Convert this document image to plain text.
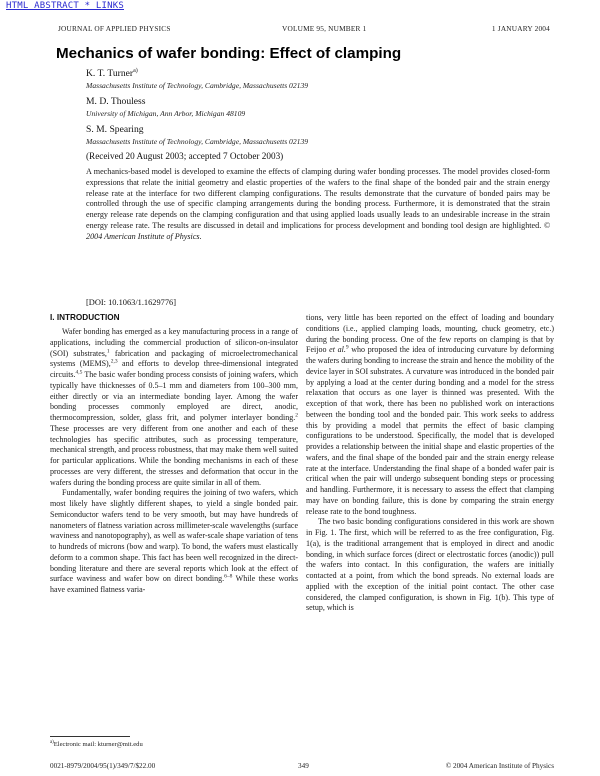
HTML ABSTRACT * LINKS
JOURNAL OF APPLIED PHYSICS	VOLUME 95, NUMBER 1	1 JANUARY 2004
Mechanics of wafer bonding: Effect of clamping
K. T. Turner$^{a)}$
Massachusetts Institute of Technology, Cambridge, Massachusetts 02139
M. D. Thouless
University of Michigan, Ann Arbor, Michigan 48109
S. M. Spearing
Massachusetts Institute of Technology, Cambridge, Massachusetts 02139
(Received 20 August 2003; accepted 7 October 2003)
A mechanics-based model is developed to examine the effects of clamping during wafer bonding processes. The model provides closed-form expressions that relate the initial geometry and elastic properties of the wafers to the final shape of the bonded pair and the strain energy release rate at the interface for two different clamping configurations. The results demonstrate that the curvature of bonded pairs may be controlled through the use of specific clamping arrangements during the bonding process. Furthermore, it is demonstrated that the strain energy release rate depends on the clamping configuration and that using applied loads usually leads to an undesirable increase in the strain energy release rate. The results are discussed in detail and implications for process development and bonding tool design are highlighted. © 2004 American Institute of Physics.
[DOI: 10.1063/1.1629776]
I. INTRODUCTION

Wafer bonding has emerged as a key manufacturing process in a range of applications, including the commercial production of silicon-on-insulator (SOI) substrates,$^1$ fabrication and packaging of microelectromechanical systems (MEMS),$^{2,3}$ and efforts to develop three-dimensional integrated circuits.$^{4,5}$ The basic wafer bonding process consists of joining wafers, which typically have thicknesses of 0.5–1 mm and diameters from 100–300 mm, either directly or via an intermediate bonding layer. Among the wafer bonding processes commonly employed are direct, anodic, thermocompression, solder, glass frit, and polymer interlayer bonding.$^2$ These processes are very different from one another and each of these technologies has specific attributes, such as processing temperature, mechanical strength, and process robustness, that may make them well suited for particular applications. While the bonding mechanisms in each of these processes are very different, the stresses and deformation that occur in the wafers during the bonding process are quite similar in all of them.

Fundamentally, wafer bonding requires the joining of two wafers, which most likely have slightly different shapes, to yield a single bonded pair. Semiconductor wafers tend to be very smooth, but may have hundreds of nanometers of flatness variation across millimeter-scale wavelengths (surface waviness and nanotopography), as well as wafer-scale shape variation of tens to hundreds of microns (bow and warp). To bond, the wafers must elastically deform to a common shape. This fact has been well recognized in the direct-bonding literature and there are several reports which look at the effect of surface waviness and wafer bow on direct bonding.$^{6-8}$ While these works have examined flatness varia-

tions, very little has been reported on the effect of loading and boundary conditions (i.e., applied clamping loads, mounting, chuck geometry, etc.) during the bonding process. One of the few reports on clamping is that by Feijoo et al.$^9$ who proposed the idea of introducing curvature by deforming the wafers during bonding to increase the strain and hence the mobility of the device layer in SOI substrates. A curvature was introduced in the bonded pair by applying a load at the center during bonding and a model for the stress relaxation that occurs as one layer is thinned was presented. With the exception of that work, there has been no published work on interactions between the bonding tool and the bonded pair. This work seeks to address this by providing a model that permits the effect of basic clamping configurations to be understood. Specifically, the model that is developed provides a relationship between the initial shape and elastic properties of the wafers, and the final shape of the bonded pair and the strain energy release rate at the interface. Understanding the final shape of a bonded wafer pair is critical when the pair will undergo subsequent bonding steps or processing and handling. Furthermore, it is necessary to assess the effect that clamping may have on bonding failure, this is done by comparing the strain energy release rate to the bond toughness.

The two basic bonding configurations considered in this work are shown in Fig. 1. The first, which will be referred to as the free configuration, Fig. 1(a), is the traditional arrangement that is employed in direct and anodic bonding, in which surface forces (direct or electrostatic forces (anodic)) pull the wafers into contact. In this configuration, the wafers are initially contacted at a point, from which the bond spreads. No external loads are applied with the exception of the initial point contact. The other case considered, the clamped configuration, is shown in Fig. 1(b). This type of setup, which is

$^{a)}$Electronic mail: kturner@mit.edu
0021-8979/2004/95(1)/349/7/$22.00	349	© 2004 American Institute of Physics
